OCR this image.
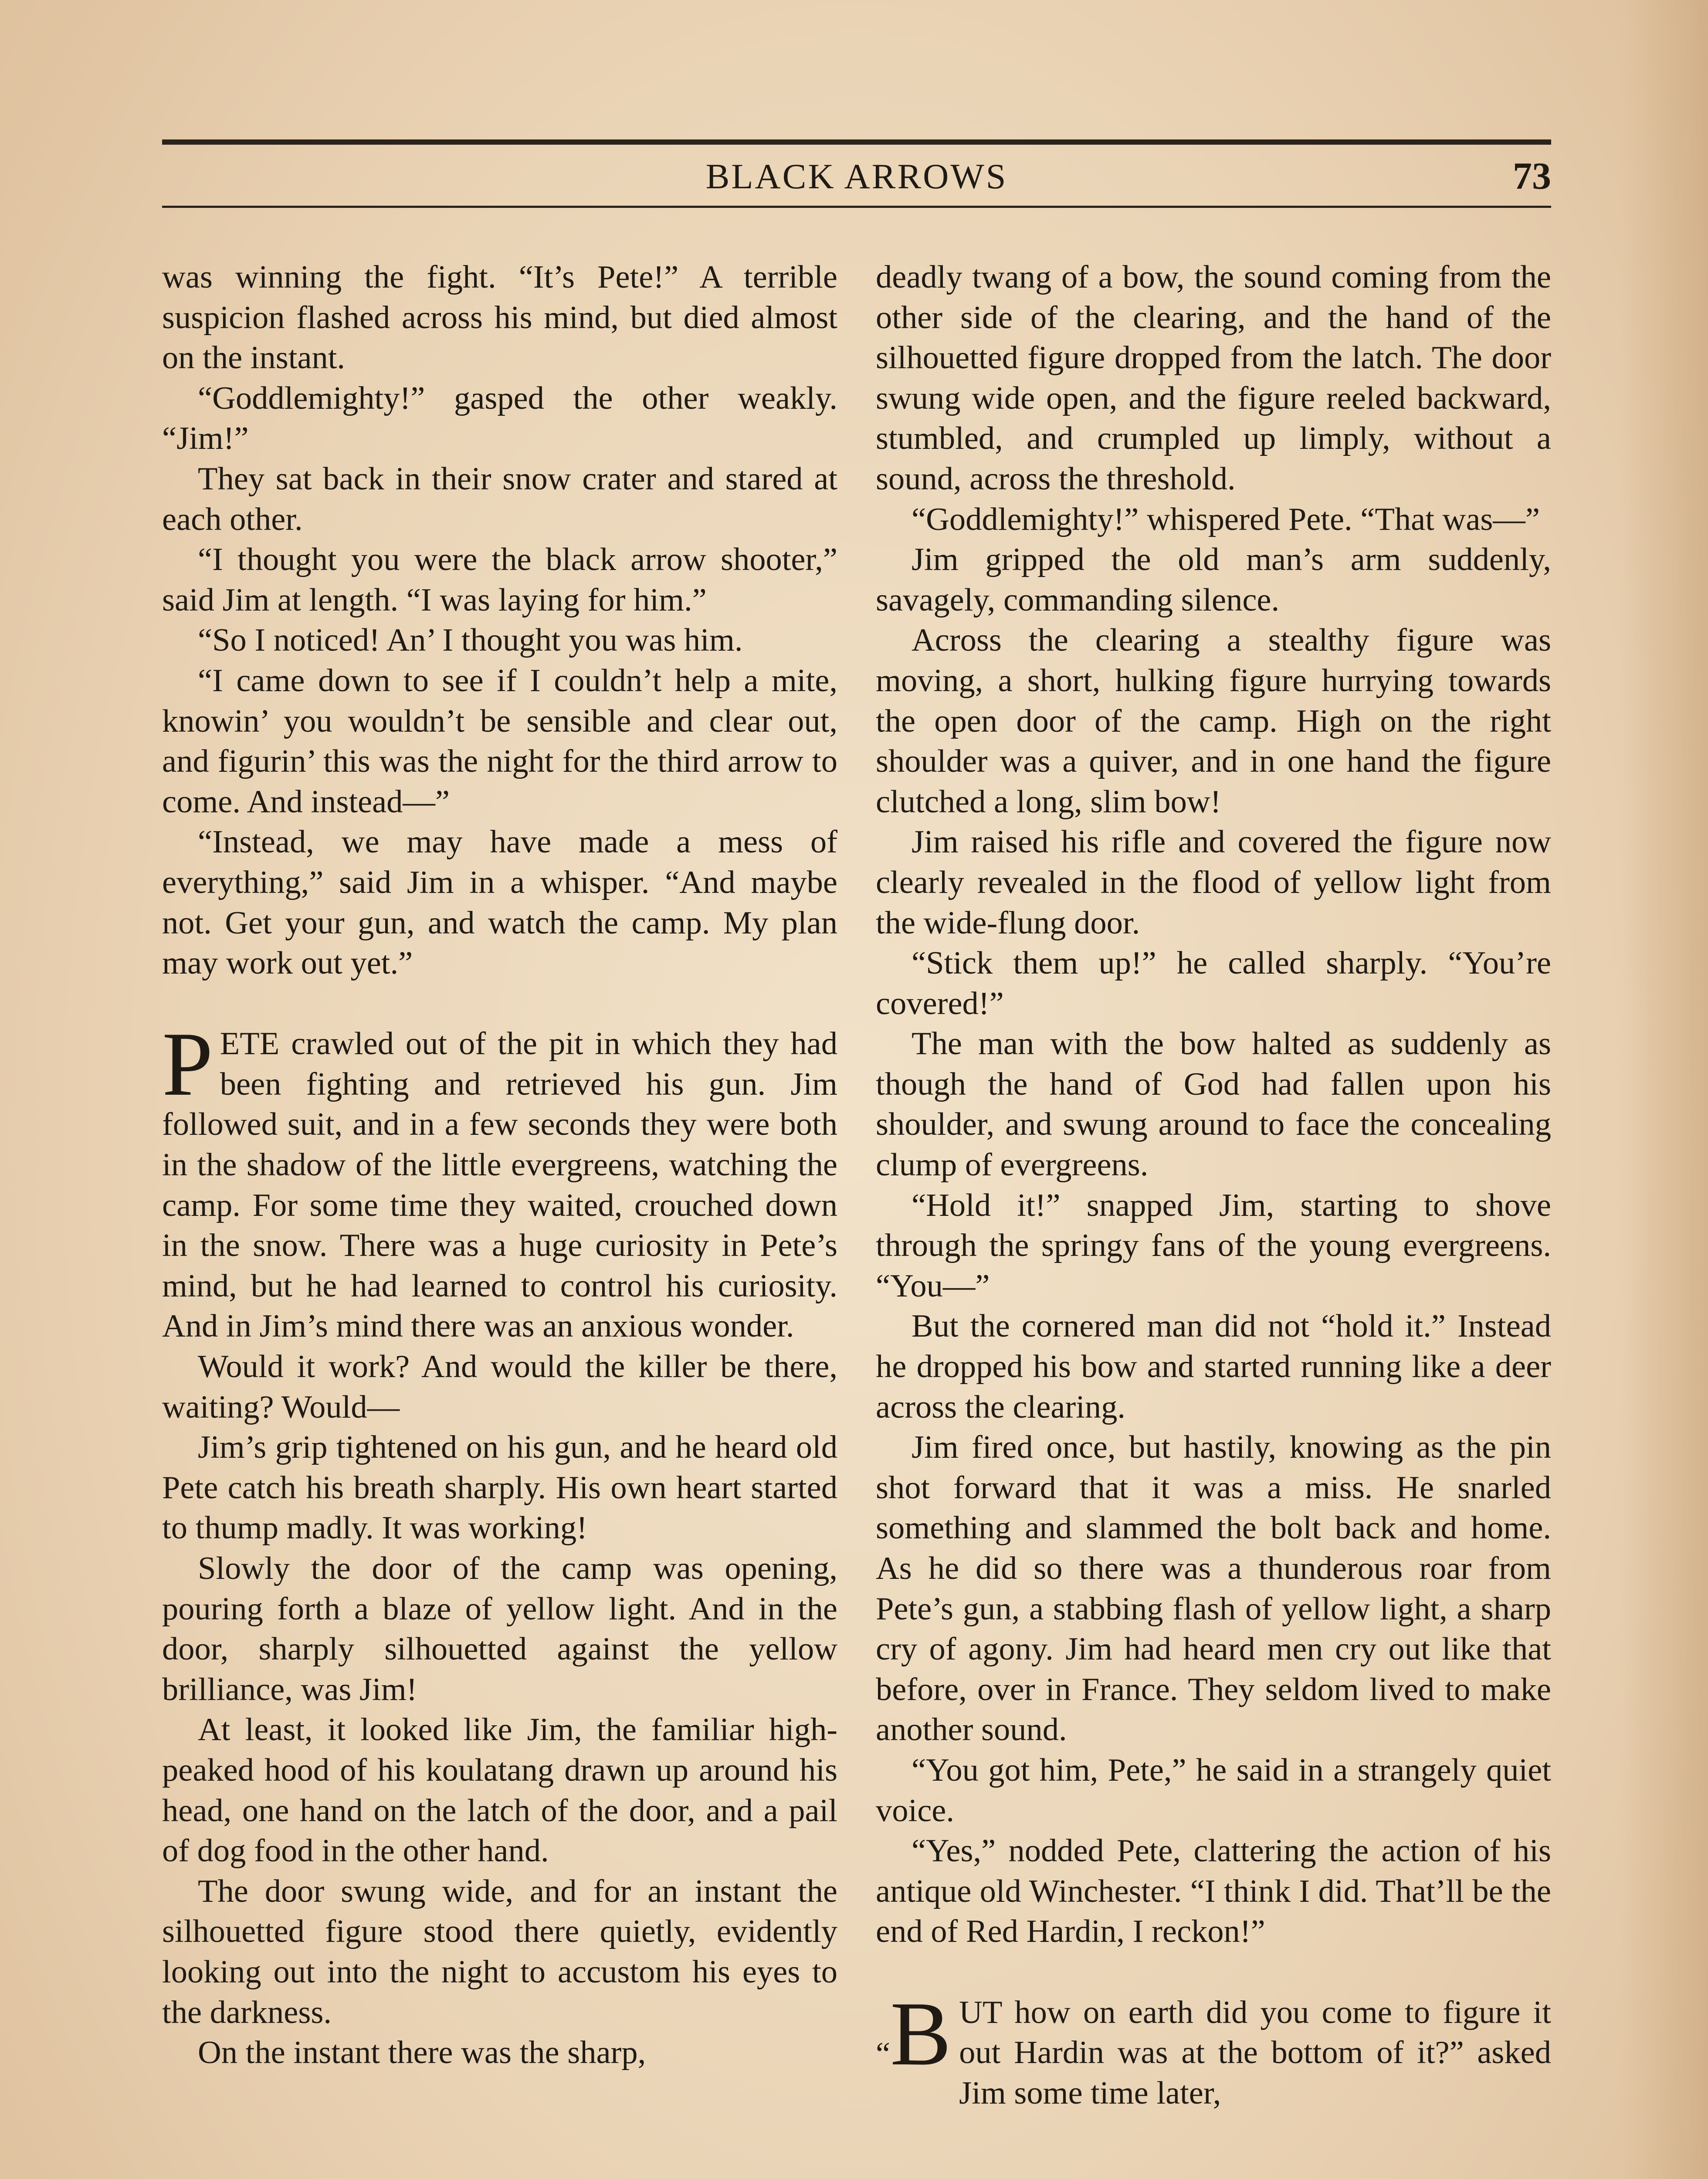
BLACK ARROWS	73

was winning the fight. “It’s Pete!” A terrible suspicion flashed across his mind, but died almost on the instant.

“Goddlemighty!” gasped the other weakly. “Jim!”

They sat back in their snow crater and stared at each other.

“I thought you were the black arrow shooter,” said Jim at length. “I was laying for him.”

“So I noticed! An’ I thought you was him.

“I came down to see if I couldn’t help a mite, knowin’ you wouldn’t be sensible and clear out, and figurin’ this was the night for the third arrow to come. And instead—”

“Instead, we may have made a mess of everything,” said Jim in a whisper. “And maybe not. Get your gun, and watch the camp. My plan may work out yet.”

PETE crawled out of the pit in which they had been fighting and retrieved his gun. Jim followed suit, and in a few seconds they were both in the shadow of the little evergreens, watching the camp. For some time they waited, crouched down in the snow. There was a huge curiosity in Pete’s mind, but he had learned to control his curiosity. And in Jim’s mind there was an anxious wonder.

Would it work? And would the killer be there, waiting? Would—

Jim’s grip tightened on his gun, and he heard old Pete catch his breath sharply. His own heart started to thump madly. It was working!

Slowly the door of the camp was opening, pouring forth a blaze of yellow light. And in the door, sharply silhouetted against the yellow brilliance, was Jim!

At least, it looked like Jim, the familiar high-peaked hood of his koulatang drawn up around his head, one hand on the latch of the door, and a pail of dog food in the other hand.

The door swung wide, and for an instant the silhouetted figure stood there quietly, evidently looking out into the night to accustom his eyes to the darkness.

On the instant there was the sharp,

deadly twang of a bow, the sound coming from the other side of the clearing, and the hand of the silhouetted figure dropped from the latch. The door swung wide open, and the figure reeled backward, stumbled, and crumpled up limply, without a sound, across the threshold.

“Goddlemighty!” whispered Pete. “That was—”

Jim gripped the old man’s arm suddenly, savagely, commanding silence.

Across the clearing a stealthy figure was moving, a short, hulking figure hurrying towards the open door of the camp. High on the right shoulder was a quiver, and in one hand the figure clutched a long, slim bow!

Jim raised his rifle and covered the figure now clearly revealed in the flood of yellow light from the wide-flung door.

“Stick them up!” he called sharply. “You’re covered!”

The man with the bow halted as suddenly as though the hand of God had fallen upon his shoulder, and swung around to face the concealing clump of evergreens.

“Hold it!” snapped Jim, starting to shove through the springy fans of the young evergreens. “You—”

But the cornered man did not “hold it.” Instead he dropped his bow and started running like a deer across the clearing.

Jim fired once, but hastily, knowing as the pin shot forward that it was a miss. He snarled something and slammed the bolt back and home. As he did so there was a thunderous roar from Pete’s gun, a stabbing flash of yellow light, a sharp cry of agony. Jim had heard men cry out like that before, over in France. They seldom lived to make another sound.

“You got him, Pete,” he said in a strangely quiet voice.

“Yes,” nodded Pete, clattering the action of his antique old Winchester. “I think I did. That’ll be the end of Red Hardin, I reckon!”

“B UT how on earth did you come to figure it out Hardin was at the bottom of it?” asked Jim some time later,
